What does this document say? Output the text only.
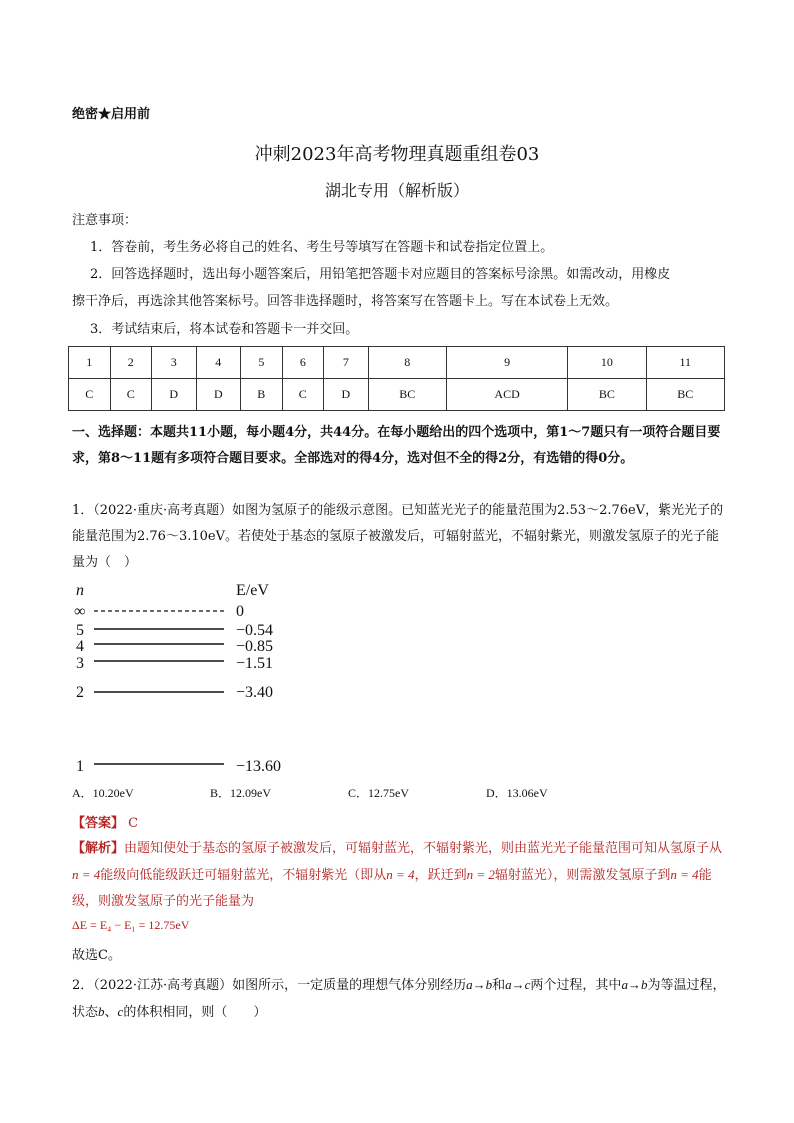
绝密★启用前
冲刺2023年高考物理真题重组卷03
湖北专用（解析版）
注意事项：
1．答卷前，考生务必将自己的姓名、考生号等填写在答题卡和试卷指定位置上。
2．回答选择题时，选出每小题答案后，用铅笔把答题卡对应题目的答案标号涂黑。如需改动，用橡皮
擦干净后，再选涂其他答案标号。回答非选择题时，将答案写在答题卡上。写在本试卷上无效。
3．考试结束后，将本试卷和答题卡一并交回。
1	2	3	4	5	6	7	8	9	10	11
C	C	D	D	B	C	D	BC	ACD	BC	BC
一、选择题：本题共11小题，每小题4分，共44分。在每小题给出的四个选项中，第1～7题只有一项符合题目要求，第8～11题有多项符合题目要求。全部选对的得4分，选对但不全的得2分，有选错的得0分。
1．（2022·重庆·高考真题）如图为氢原子的能级示意图。已知蓝光光子的能量范围为2.53～2.76eV，紫光光子的能量范围为2.76～3.10eV。若使处于基态的氢原子被激发后，可辐射蓝光，不辐射紫光，则激发氢原子的光子能量为（　）
n	E/eV
∞	0
5	−0.54
4	−0.85
3	−1.51
2	−3.40
1	−13.60
A．10.20eV	B．12.09eV	C．12.75eV	D．13.06eV
【答案】 C
【解析】由题知使处于基态的氢原子被激发后，可辐射蓝光，不辐射紫光，则由蓝光光子能量范围可知从氢原子从n = 4能级向低能级跃迁可辐射蓝光，不辐射紫光（即从n = 4，跃迁到n = 2辐射蓝光），则需激发氢原子到n = 4能级，则激发氢原子的光子能量为
ΔE = E₄ − E₁ = 12.75eV
故选C。
2．（2022·江苏·高考真题）如图所示，一定质量的理想气体分别经历a→b和a→c两个过程，其中a→b为等温过程，状态b、c的体积相同，则（　　）
